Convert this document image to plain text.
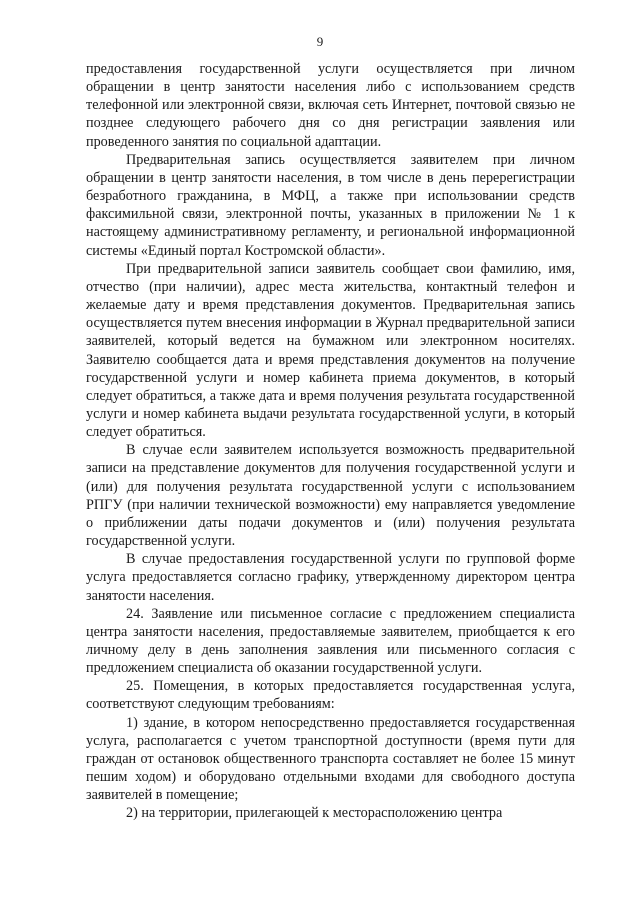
9

предоставления государственной услуги осуществляется при личном обращении в центр занятости населения либо с использованием средств телефонной или электронной связи, включая сеть Интернет, почтовой связью не позднее следующего рабочего дня со дня регистрации заявления или проведенного занятия по социальной адаптации.

Предварительная запись осуществляется заявителем при личном обращении в центр занятости населения, в том числе в день перерегистрации безработного гражданина, в МФЦ, а также при использовании средств факсимильной связи, электронной почты, указанных в приложении № 1 к настоящему административному регламенту, и региональной информационной системы «Единый портал Костромской области».

При предварительной записи заявитель сообщает свои фамилию, имя, отчество (при наличии), адрес места жительства, контактный телефон и желаемые дату и время представления документов. Предварительная запись осуществляется путем внесения информации в Журнал предварительной записи заявителей, который ведется на бумажном или электронном носителях. Заявителю сообщается дата и время представления документов на получение государственной услуги и номер кабинета приема документов, в который следует обратиться, а также дата и время получения результата государственной услуги и номер кабинета выдачи результата государственной услуги, в который следует обратиться.

В случае если заявителем используется возможность предварительной записи на представление документов для получения государственной услуги и (или) для получения результата государственной услуги с использованием РПГУ (при наличии технической возможности) ему направляется уведомление о приближении даты подачи документов и (или) получения результата государственной услуги.

В случае предоставления государственной услуги по групповой форме услуга предоставляется согласно графику, утвержденному директором центра занятости населения.

24. Заявление или письменное согласие с предложением специалиста центра занятости населения, предоставляемые заявителем, приобщается к его личному делу в день заполнения заявления или письменного согласия с предложением специалиста об оказании государственной услуги.

25. Помещения, в которых предоставляется государственная услуга, соответствуют следующим требованиям:

1) здание, в котором непосредственно предоставляется государственная услуга, располагается с учетом транспортной доступности (время пути для граждан от остановок общественного транспорта составляет не более 15 минут пешим ходом) и оборудовано отдельными входами для свободного доступа заявителей в помещение;

2) на территории, прилегающей к месторасположению центра
